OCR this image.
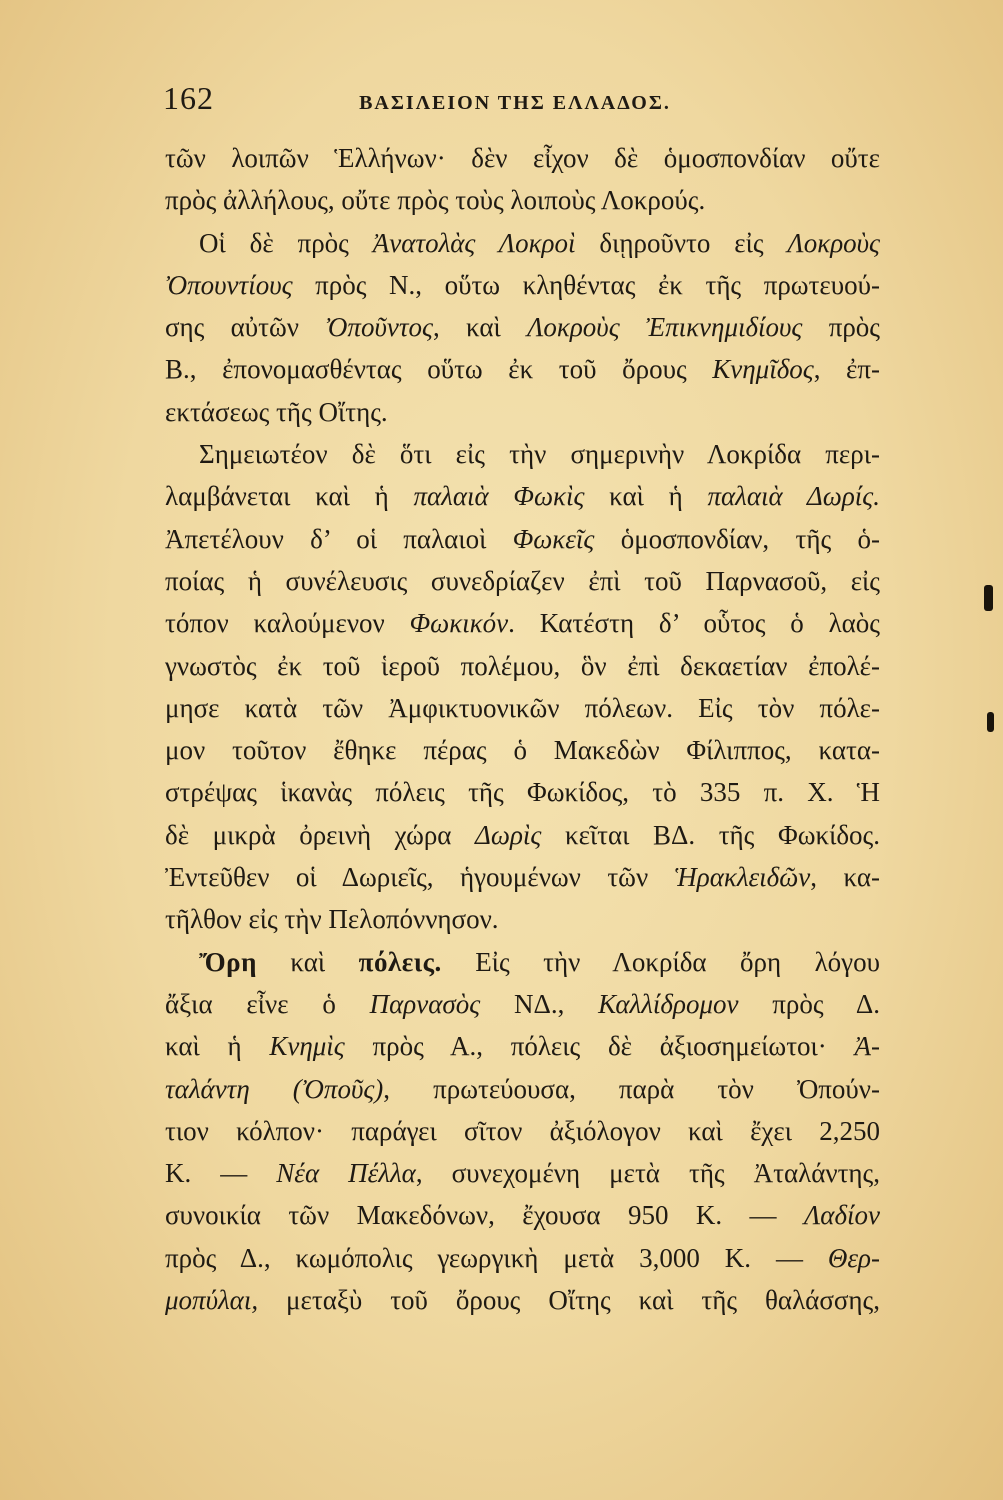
162	ΒΑΣΙΛΕΙΟΝ ΤΗΣ ΕΛΛΑΔΟΣ.
τῶν λοιπῶν Ἑλλήνων· δὲν εἶχον δὲ ὁμοσπονδίαν οὔτε
πρὸς ἀλλήλους, οὔτε πρὸς τοὺς λοιποὺς Λοκρούς.
Οἱ δὲ πρὸς Ἀνατολὰς Λοκροὶ διῃροῦντο εἰς Λοκροὺς
Ὀπουντίους πρὸς Ν., οὕτω κληθέντας ἐκ τῆς πρωτευού-
σης αὐτῶν Ὀποῦντος, καὶ Λοκροὺς Ἐπικνημιδίους πρὸς
Β., ἐπονομασθέντας οὕτω ἐκ τοῦ ὄρους Κνημῖδος, ἐπ-
εκτάσεως τῆς Οἴτης.
Σημειωτέον δὲ ὅτι εἰς τὴν σημερινὴν Λοκρίδα περι-
λαμβάνεται καὶ ἡ παλαιὰ Φωκὶς καὶ ἡ παλαιὰ Δωρίς.
Ἀπετέλουν δ’ οἱ παλαιοὶ Φωκεῖς ὁμοσπονδίαν, τῆς ὁ-
ποίας ἡ συνέλευσις συνεδρίαζεν ἐπὶ τοῦ Παρνασοῦ, εἰς
τόπον καλούμενον Φωκικόν. Κατέστη δ’ οὗτος ὁ λαὸς
γνωστὸς ἐκ τοῦ ἱεροῦ πολέμου, ὃν ἐπὶ δεκαετίαν ἐπολέ-
μησε κατὰ τῶν Ἀμφικτυονικῶν πόλεων. Εἰς τὸν πόλε-
μον τοῦτον ἔθηκε πέρας ὁ Μακεδὼν Φίλιππος, κατα-
στρέψας ἱκανὰς πόλεις τῆς Φωκίδος, τὸ 335 π. Χ. Ἡ
δὲ μικρὰ ὀρεινὴ χώρα Δωρὶς κεῖται ΒΔ. τῆς Φωκίδος.
Ἐντεῦθεν οἱ Δωριεῖς, ἡγουμένων τῶν Ἡρακλειδῶν, κα-
τῆλθον εἰς τὴν Πελοπόννησον.
Ὄρη καὶ πόλεις. Εἰς τὴν Λοκρίδα ὄρη λόγου
ἄξια εἶνε ὁ Παρνασὸς ΝΔ., Καλλίδρομον πρὸς Δ.
καὶ ἡ Κνημὶς πρὸς Α., πόλεις δὲ ἀξιοσημείωτοι· Ἀ-
ταλάντη (Ὀποῦς), πρωτεύουσα, παρὰ τὸν Ὀπούν-
τιον κόλπον· παράγει σῖτον ἀξιόλογον καὶ ἔχει 2,250
Κ. — Νέα Πέλλα, συνεχομένη μετὰ τῆς Ἀταλάντης,
συνοικία τῶν Μακεδόνων, ἔχουσα 950 Κ. — Λαδίον
πρὸς Δ., κωμόπολις γεωργικὴ μετὰ 3,000 Κ. — Θερ-
μοπύλαι, μεταξὺ τοῦ ὄρους Οἴτης καὶ τῆς θαλάσσης,
